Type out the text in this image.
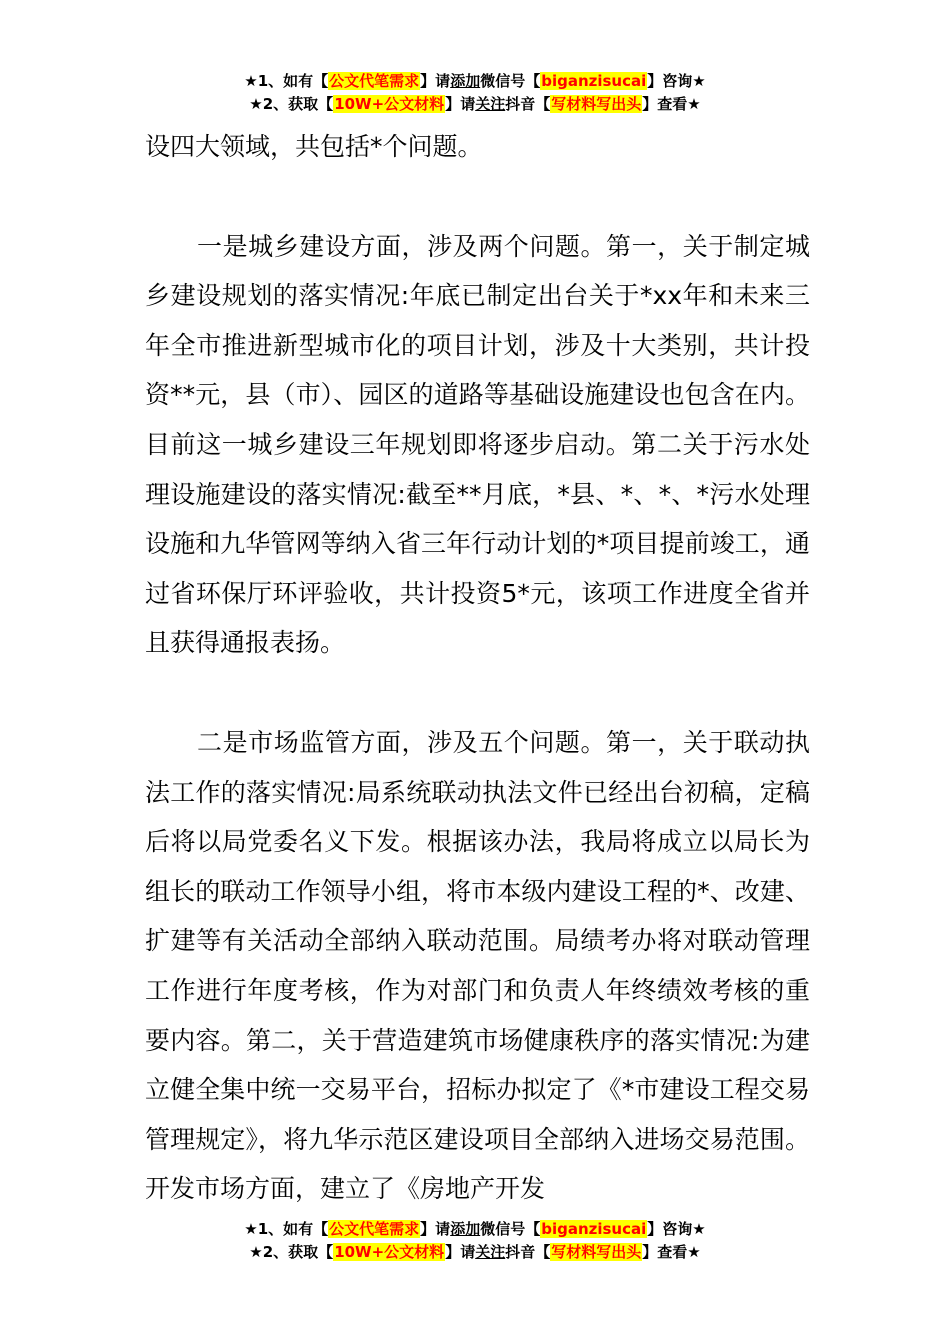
★1、如有【公文代笔需求】请添加微信号【biganzisucai】咨询★
★2、获取【10W+公文材料】请关注抖音【写材料写出头】查看★

设四大领域，共包括*个问题。

一是城乡建设方面，涉及两个问题。第一，关于制定城乡建设规划的落实情况:年底已制定出台关于*xx年和未来三年全市推进新型城市化的项目计划，涉及十大类别，共计投资**元，县（市）、园区的道路等基础设施建设也包含在内。目前这一城乡建设三年规划即将逐步启动。第二关于污水处理设施建设的落实情况:截至**月底，*县、*、*、*污水处理设施和九华管网等纳入省三年行动计划的*项目提前竣工，通过省环保厅环评验收，共计投资5*元，该项工作进度全省并且获得通报表扬。

二是市场监管方面，涉及五个问题。第一，关于联动执法工作的落实情况:局系统联动执法文件已经出台初稿，定稿后将以局党委名义下发。根据该办法，我局将成立以局长为组长的联动工作领导小组，将市本级内建设工程的*、改建、扩建等有关活动全部纳入联动范围。局绩考办将对联动管理工作进行年度考核，作为对部门和负责人年终绩效考核的重要内容。第二，关于营造建筑市场健康秩序的落实情况:为建立健全集中统一交易平台，招标办拟定了《*市建设工程交易管理规定》，将九华示范区建设项目全部纳入进场交易范围。开发市场方面，建立了《房地产开发

★1、如有【公文代笔需求】请添加微信号【biganzisucai】咨询★
★2、获取【10W+公文材料】请关注抖音【写材料写出头】查看★
